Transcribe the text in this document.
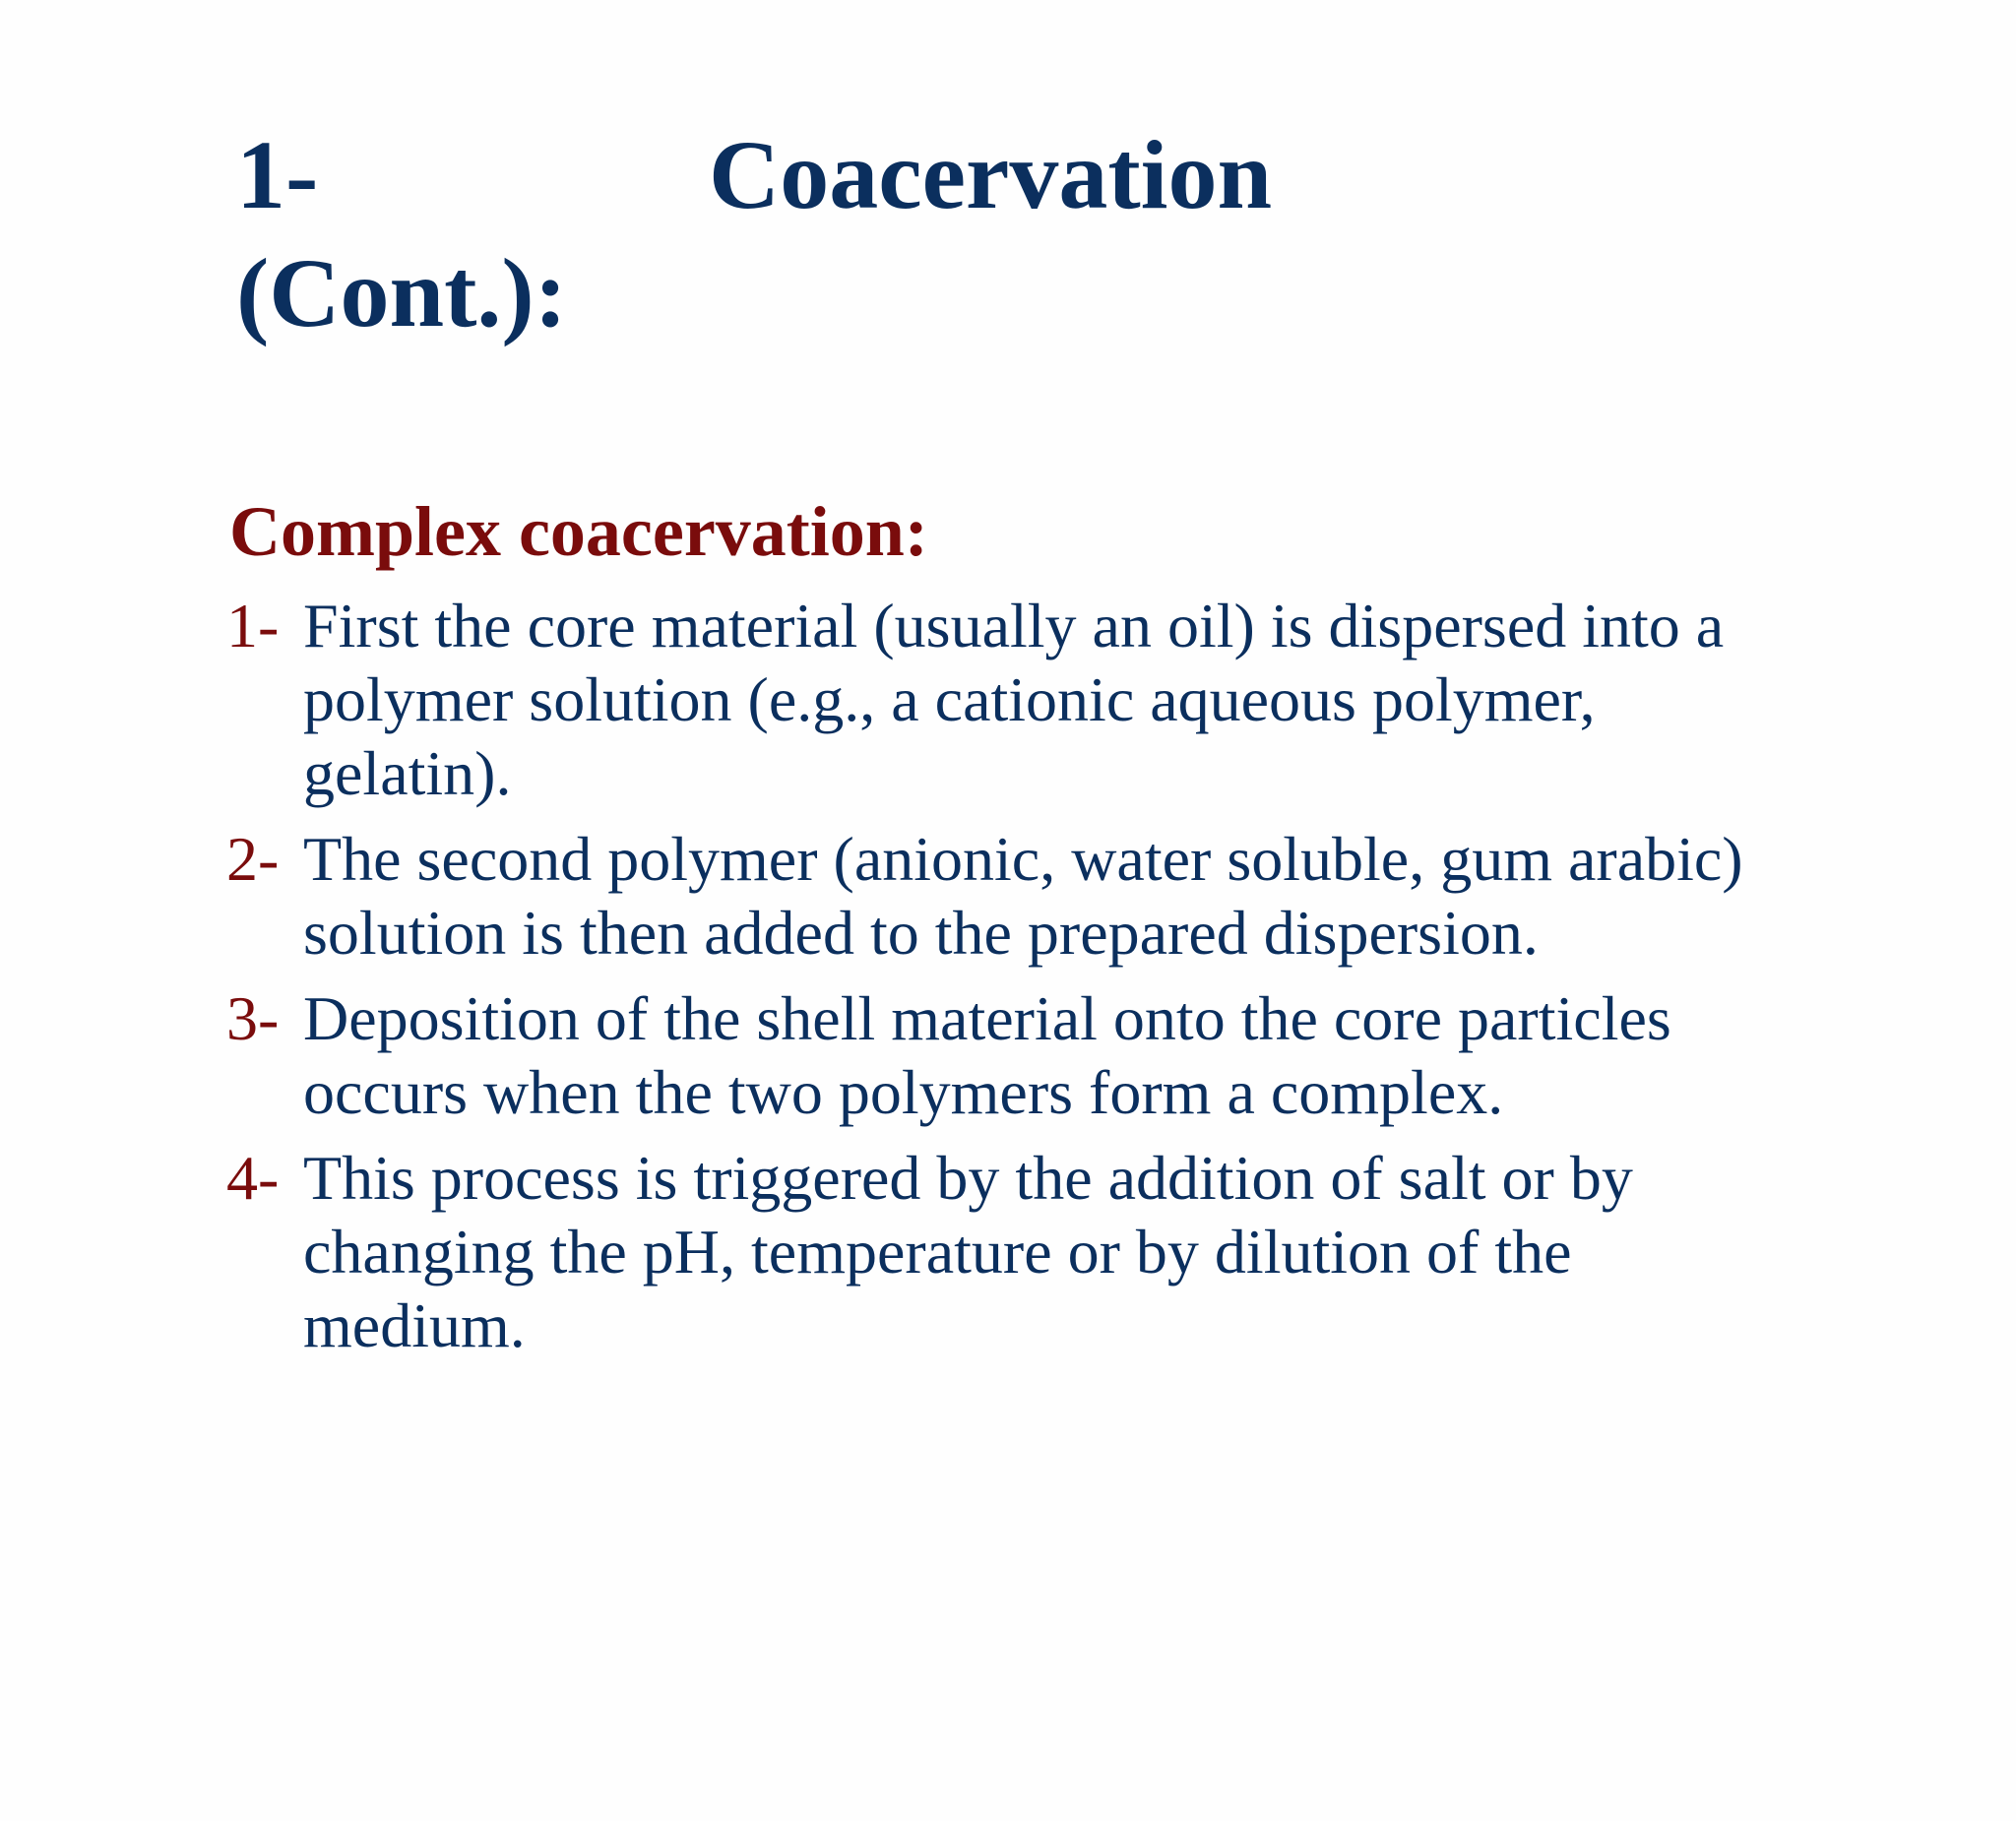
1-	Coacervation
(Cont.):
Complex coacervation:
1- First the core material (usually an oil) is dispersed into a polymer solution (e.g., a cationic aqueous polymer, gelatin).
2- The second polymer (anionic, water soluble, gum arabic) solution is then added to the prepared dispersion.
3- Deposition of the shell material onto the core particles occurs when the two polymers form a complex.
4- This process is triggered by the addition of salt or by changing the pH, temperature or by dilution of the medium.
